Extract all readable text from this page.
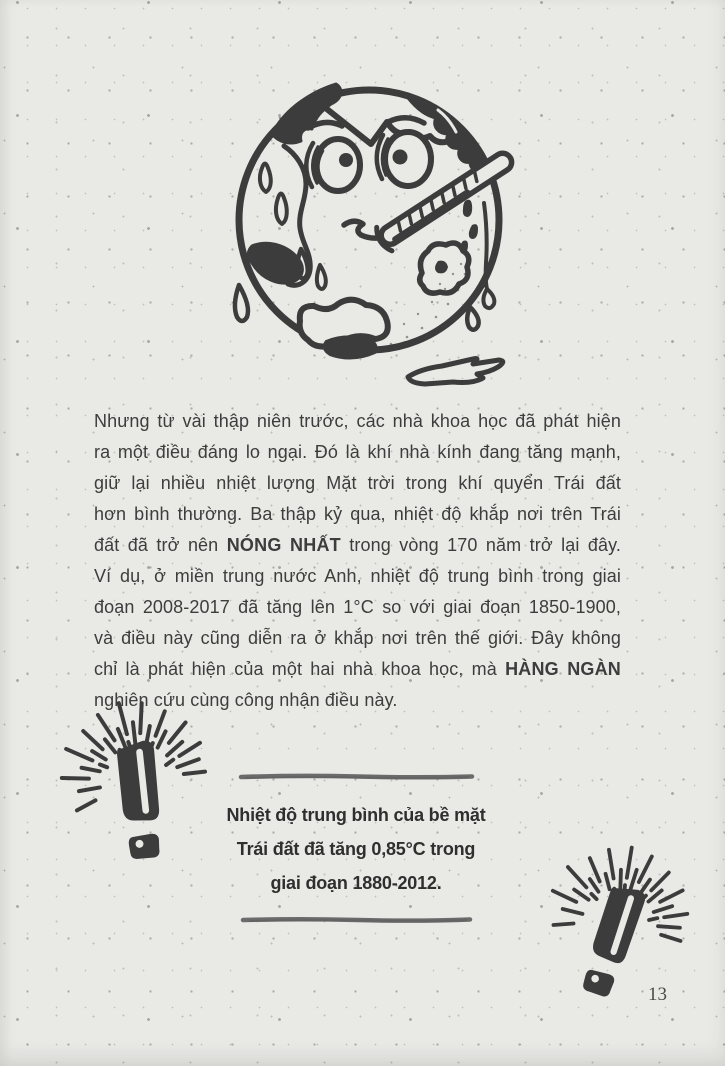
Nhưng từ vài thập niên trước, các nhà khoa học đã phát hiện
ra một điều đáng lo ngại. Đó là khí nhà kính đang tăng mạnh,
giữ lại nhiều nhiệt lượng Mặt trời trong khí quyển Trái đất
hơn bình thường. Ba thập kỷ qua, nhiệt độ khắp nơi trên Trái
đất đã trở nên NÓNG NHẤT trong vòng 170 năm trở lại đây.
Ví dụ, ở miền trung nước Anh, nhiệt độ trung bình trong giai
đoạn 2008-2017 đã tăng lên 1°C so với giai đoạn 1850-1900,
và điều này cũng diễn ra ở khắp nơi trên thế giới. Đây không
chỉ là phát hiện của một hai nhà khoa học, mà HÀNG NGÀN
nghiên cứu cùng công nhận điều này.
Nhiệt độ trung bình của bề mặt
Trái đất đã tăng 0,85°C trong
giai đoạn 1880-2012.
13
